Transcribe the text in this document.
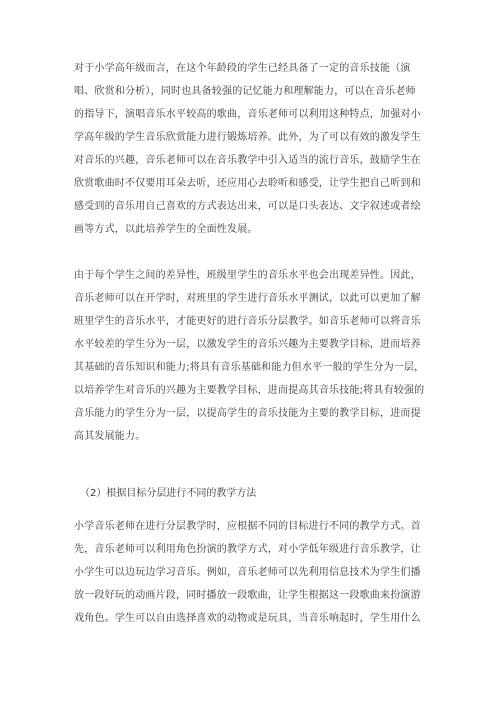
对于小学高年级而言，在这个年龄段的学生已经具备了一定的音乐技能（演
唱、欣赏和分析），同时也具备较强的记忆能力和理解能力，可以在音乐老师
的指导下，演唱音乐水平较高的歌曲，音乐老师可以利用这种特点，加强对小
学高年级的学生音乐欣赏能力进行锻炼培养。此外，为了可以有效的激发学生
对音乐的兴趣，音乐老师可以在音乐教学中引入适当的流行音乐，鼓励学生在
欣赏歌曲时不仅要用耳朵去听，还应用心去聆听和感受，让学生把自己听到和
感受到的音乐用自己喜欢的方式表达出来，可以是口头表达、文字叙述或者绘
画等方式，以此培养学生的全面性发展。
由于每个学生之间的差异性，班级里学生的音乐水平也会出现差异性。因此，
音乐老师可以在开学时，对班里的学生进行音乐水平测试，以此可以更加了解
班里学生的音乐水平，才能更好的进行音乐分层教学。如音乐老师可以将音乐
水平较差的学生分为一层，以激发学生的音乐兴趣为主要教学目标，进而培养
其基础的音乐知识和能力;将具有音乐基础和能力但水平一般的学生分为一层，
以培养学生对音乐的兴趣为主要教学目标，进而提高其音乐技能;将具有较强的
音乐能力的学生分为一层，以提高学生的音乐技能为主要的教学目标，进而提
高其发展能力。
（2）根据目标分层进行不同的教学方法
小学音乐老师在进行分层教学时，应根据不同的目标进行不同的教学方式。首
先，音乐老师可以利用角色扮演的教学方式，对小学低年级进行音乐教学，让
小学生可以边玩边学习音乐。例如，音乐老师可以先利用信息技术为学生们播
放一段好玩的动画片段，同时播放一段歌曲，让学生根据这一段歌曲来扮演游
戏角色。学生可以自由选择喜欢的动物或是玩具，当音乐响起时，学生用什么
